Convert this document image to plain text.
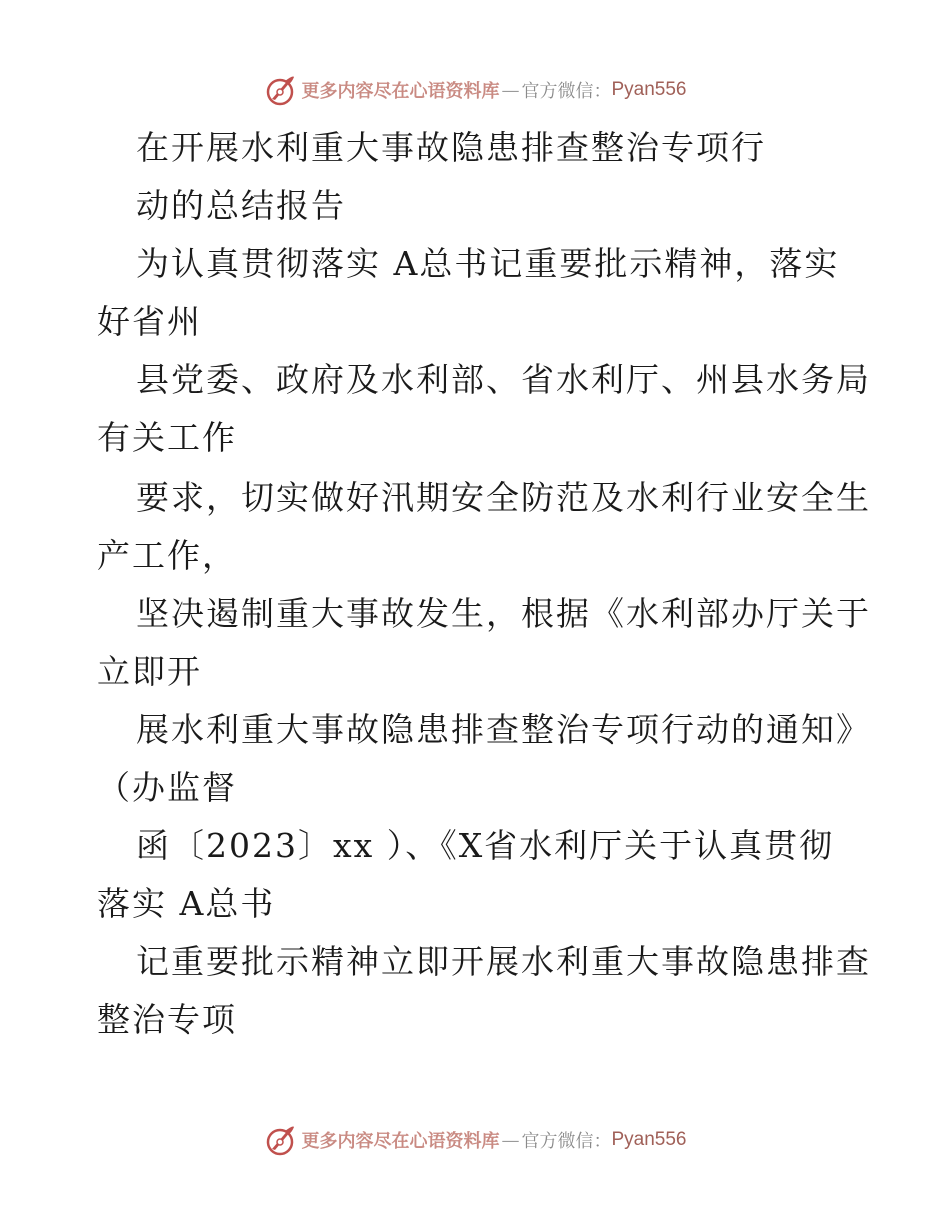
更多内容尽在心语资料库 — 官方微信： Pyan556
在开展水利重大事故隐患排查整治专项行
动的总结报告
为认真贯彻落实 A总书记重要批示精神，落实
好省州
县党委、政府及水利部、省水利厅、州县水务局
有关工作
要求，切实做好汛期安全防范及水利行业安全生
产工作，
坚决遏制重大事故发生，根据《水利部办厅关于
立即开
展水利重大事故隐患排查整治专项行动的通知》
（办监督
函〔2023〕xx ）、《X省水利厅关于认真贯彻
落实 A总书
记重要批示精神立即开展水利重大事故隐患排查
整治专项
更多内容尽在心语资料库 — 官方微信： Pyan556
